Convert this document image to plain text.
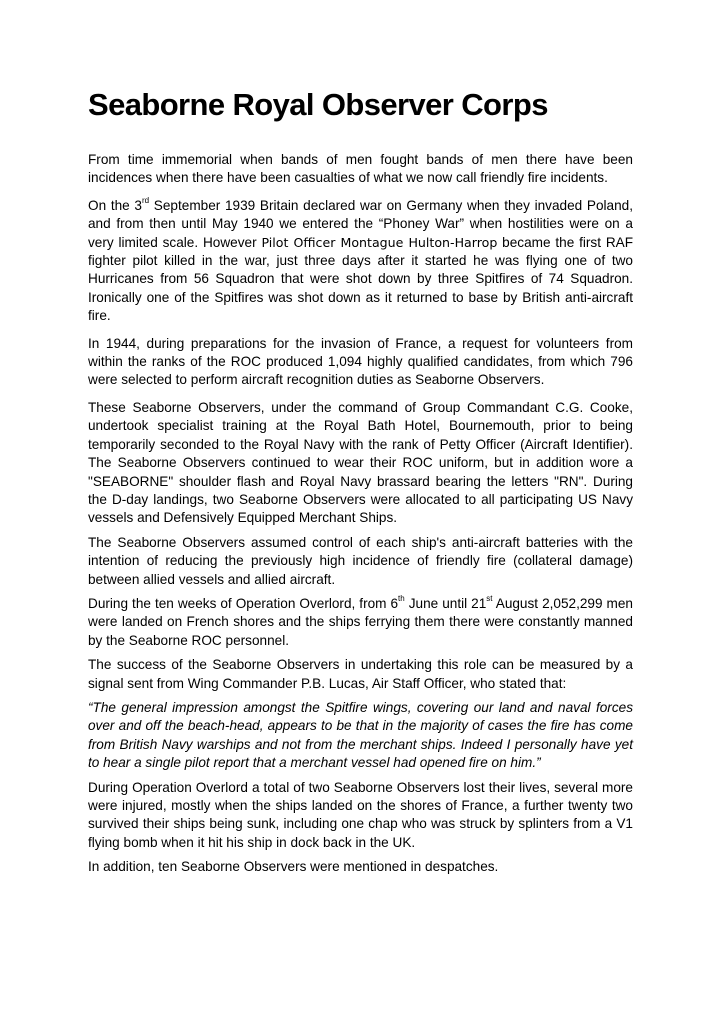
Seaborne Royal Observer Corps

From time immemorial when bands of men fought bands of men there have been incidences when there have been casualties of what we now call friendly fire incidents.

On the 3rd September 1939 Britain declared war on Germany when they invaded Poland, and from then until May 1940 we entered the “Phoney War” when hostilities were on a very limited scale. However Pilot Officer Montague Hulton-Harrop became the first RAF fighter pilot killed in the war, just three days after it started he was flying one of two Hurricanes from 56 Squadron that were shot down by three Spitfires of 74 Squadron. Ironically one of the Spitfires was shot down as it returned to base by British anti-aircraft fire.

In 1944, during preparations for the invasion of France, a request for volunteers from within the ranks of the ROC produced 1,094 highly qualified candidates, from which 796 were selected to perform aircraft recognition duties as Seaborne Observers.

These Seaborne Observers, under the command of Group Commandant C.G. Cooke, undertook specialist training at the Royal Bath Hotel, Bournemouth, prior to being temporarily seconded to the Royal Navy with the rank of Petty Officer (Aircraft Identifier). The Seaborne Observers continued to wear their ROC uniform, but in addition wore a "SEABORNE" shoulder flash and Royal Navy brassard bearing the letters "RN". During the D-day landings, two Seaborne Observers were allocated to all participating US Navy vessels and Defensively Equipped Merchant Ships.

The Seaborne Observers assumed control of each ship's anti-aircraft batteries with the intention of reducing the previously high incidence of friendly fire (collateral damage) between allied vessels and allied aircraft.

During the ten weeks of Operation Overlord, from 6th June until 21st August 2,052,299 men were landed on French shores and the ships ferrying them there were constantly manned by the Seaborne ROC personnel.

The success of the Seaborne Observers in undertaking this role can be measured by a signal sent from Wing Commander P.B. Lucas, Air Staff Officer, who stated that:

“The general impression amongst the Spitfire wings, covering our land and naval forces over and off the beach-head, appears to be that in the majority of cases the fire has come from British Navy warships and not from the merchant ships. Indeed I personally have yet to hear a single pilot report that a merchant vessel had opened fire on him.”

During Operation Overlord a total of two Seaborne Observers lost their lives, several more were injured, mostly when the ships landed on the shores of France, a further twenty two survived their ships being sunk, including one chap who was struck by splinters from a V1 flying bomb when it hit his ship in dock back in the UK.

In addition, ten Seaborne Observers were mentioned in despatches.
